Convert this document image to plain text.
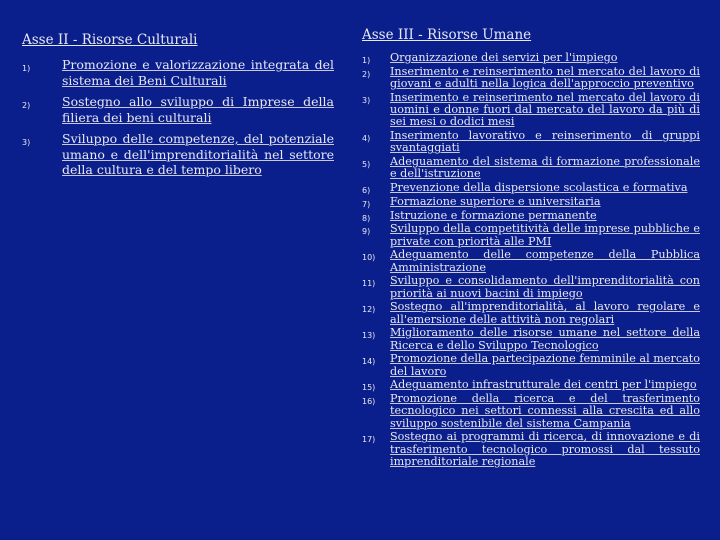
Asse II - Risorse Culturali
1)	Promozione e valorizzazione integrata del sistema dei Beni Culturali
2)	Sostegno allo sviluppo di Imprese della filiera dei beni culturali
3)	Sviluppo delle competenze, del potenziale umano e dell'imprenditorialità nel settore della cultura e del tempo libero
Asse III - Risorse Umane
1) Organizzazione dei servizi per l'impiego
2) Inserimento e reinserimento nel mercato del lavoro di giovani e adulti nella logica dell'approccio preventivo
3) Inserimento e reinserimento nel mercato del lavoro di uomini e donne fuori dal mercato del lavoro da più di sei mesi o dodici mesi
4) Inserimento lavorativo e reinserimento di gruppi svantaggiati
5) Adeguamento del sistema di formazione professionale e dell'istruzione
6) Prevenzione della dispersione scolastica e formativa
7) Formazione superiore e universitaria
8) Istruzione e formazione permanente
9) Sviluppo della competitività delle imprese pubbliche e private con priorità alle PMI
10) Adeguamento delle competenze della Pubblica Amministrazione
11) Sviluppo e consolidamento dell'imprenditorialità con priorità ai nuovi bacini di impiego
12) Sostegno all'imprenditorialità, al lavoro regolare e all'emersione delle attività non regolari
13) Miglioramento delle risorse umane nel settore della Ricerca e dello Sviluppo Tecnologico
14) Promozione della partecipazione femminile al mercato del lavoro
15) Adeguamento infrastrutturale dei centri per l'impiego
16) Promozione della ricerca e del trasferimento tecnologico nei settori connessi alla crescita ed allo sviluppo sostenibile del sistema Campania
17) Sostegno ai programmi di ricerca, di innovazione e di trasferimento tecnologico promossi dal tessuto imprenditoriale regionale
